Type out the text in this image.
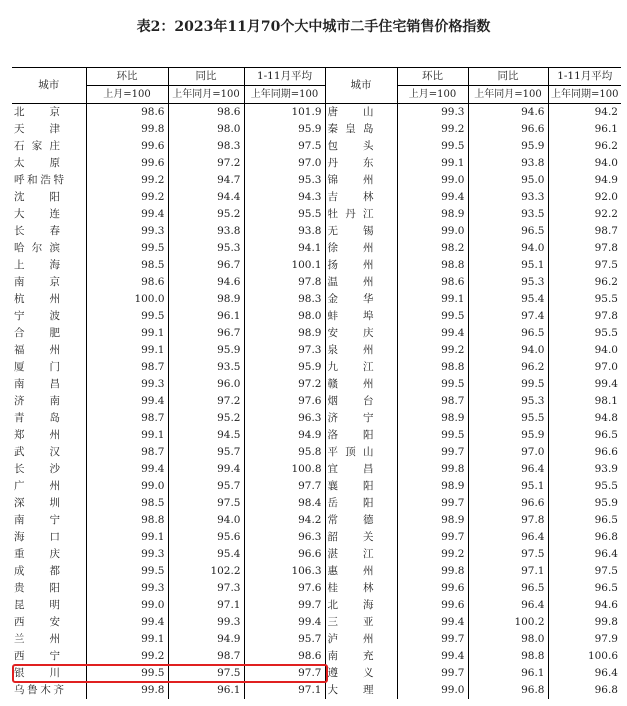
表2：2023年11月70个大中城市二手住宅销售价格指数
城市	环比	同比	1-11月平均	城市	环比	同比	1-11月平均
	上月=100	上年同月=100	上年同期=100		上月=100	上年同月=100	上年同期=100
北京	98.6	98.6	101.9	唐山	99.3	94.6	94.2
天津	99.8	98.0	95.9	秦皇岛	99.2	96.6	96.1
石家庄	99.6	98.3	97.5	包头	99.5	95.9	96.2
太原	99.6	97.2	97.0	丹东	99.1	93.8	94.0
呼和浩特	99.2	94.7	95.3	锦州	99.0	95.0	94.9
沈阳	99.2	94.4	94.3	吉林	99.4	93.3	92.0
大连	99.4	95.2	95.5	牡丹江	98.9	93.5	92.2
长春	99.3	93.8	93.8	无锡	99.0	96.5	98.7
哈尔滨	99.5	95.3	94.1	徐州	98.2	94.0	97.8
上海	98.5	96.7	100.1	扬州	98.8	95.1	97.5
南京	98.6	94.6	97.8	温州	98.6	95.3	96.2
杭州	100.0	98.9	98.3	金华	99.1	95.4	95.5
宁波	99.5	96.1	98.0	蚌埠	99.5	97.4	97.8
合肥	99.1	96.7	98.9	安庆	99.4	96.5	95.5
福州	99.1	95.9	97.3	泉州	99.2	94.0	94.0
厦门	98.7	93.5	95.9	九江	98.8	96.2	97.0
南昌	99.3	96.0	97.2	赣州	99.5	99.5	99.4
济南	99.4	97.2	97.6	烟台	98.7	95.3	98.1
青岛	98.7	95.2	96.3	济宁	98.9	95.5	94.8
郑州	99.1	94.5	94.9	洛阳	99.5	95.9	96.5
武汉	98.7	95.7	95.8	平顶山	99.7	97.0	96.6
长沙	99.4	99.4	100.8	宜昌	99.8	96.4	93.9
广州	99.0	95.7	97.7	襄阳	98.9	95.1	95.5
深圳	98.5	97.5	98.4	岳阳	99.7	96.6	95.9
南宁	98.8	94.0	94.2	常德	98.9	97.8	96.5
海口	99.1	95.6	96.3	韶关	99.7	96.4	96.8
重庆	99.3	95.4	96.6	湛江	99.2	97.5	96.4
成都	99.5	102.2	106.3	惠州	99.8	97.1	97.5
贵阳	99.3	97.3	97.6	桂林	99.6	96.5	96.5
昆明	99.0	97.1	99.7	北海	99.6	96.4	94.6
西安	99.4	99.3	99.4	三亚	99.4	100.2	99.8
兰州	99.1	94.9	95.7	泸州	99.7	98.0	97.9
西宁	99.2	98.7	98.6	南充	99.4	98.8	100.6
银川	99.5	97.5	97.7	遵义	99.7	96.1	96.4
乌鲁木齐	99.8	96.1	97.1	大理	99.0	96.8	96.8
